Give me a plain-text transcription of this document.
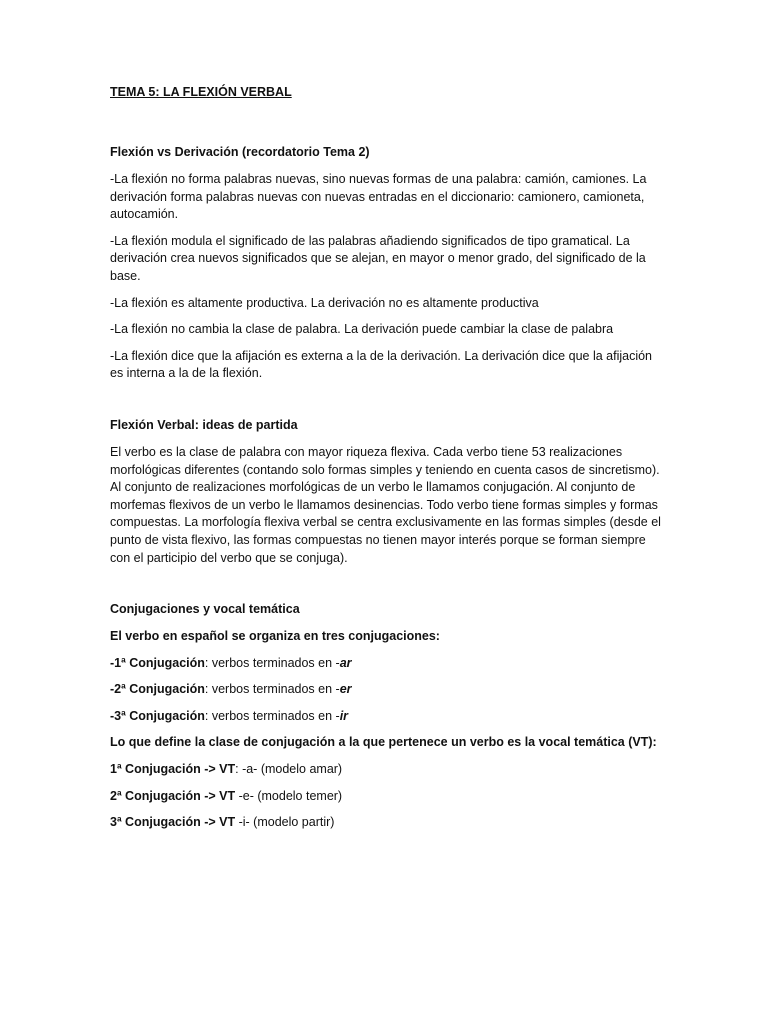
TEMA 5: LA FLEXIÓN VERBAL
Flexión vs Derivación (recordatorio Tema 2)
-La flexión no forma palabras nuevas, sino nuevas formas de una palabra: camión, camiones. La derivación forma palabras nuevas con nuevas entradas en el diccionario: camionero, camioneta, autocamión.
-La flexión modula el significado de las palabras añadiendo significados de tipo gramatical. La derivación crea nuevos significados que se alejan, en mayor o menor grado, del significado de la base.
-La flexión es altamente productiva. La derivación no es altamente productiva
-La flexión no cambia la clase de palabra. La derivación puede cambiar la clase de palabra
-La flexión dice que la afijación es externa a la de la derivación. La derivación dice que la afijación es interna a la de la flexión.
Flexión Verbal: ideas de partida
El verbo es la clase de palabra con mayor riqueza flexiva. Cada verbo tiene 53 realizaciones morfológicas diferentes (contando solo formas simples y teniendo en cuenta casos de sincretismo). Al conjunto de realizaciones morfológicas de un verbo le llamamos conjugación. Al conjunto de morfemas flexivos de un verbo le llamamos desinencias. Todo verbo tiene formas simples y formas compuestas. La morfología flexiva verbal se centra exclusivamente en las formas simples (desde el punto de vista flexivo, las formas compuestas no tienen mayor interés porque se forman siempre con el participio del verbo que se conjuga).
Conjugaciones y vocal temática
El verbo en español se organiza en tres conjugaciones:
-1ª Conjugación: verbos terminados en -ar
-2ª Conjugación: verbos terminados en -er
-3ª Conjugación: verbos terminados en -ir
Lo que define la clase de conjugación a la que pertenece un verbo es la vocal temática (VT):
1ª Conjugación -> VT: -a- (modelo amar)
2ª Conjugación -> VT -e- (modelo temer)
3ª Conjugación -> VT -i- (modelo partir)
